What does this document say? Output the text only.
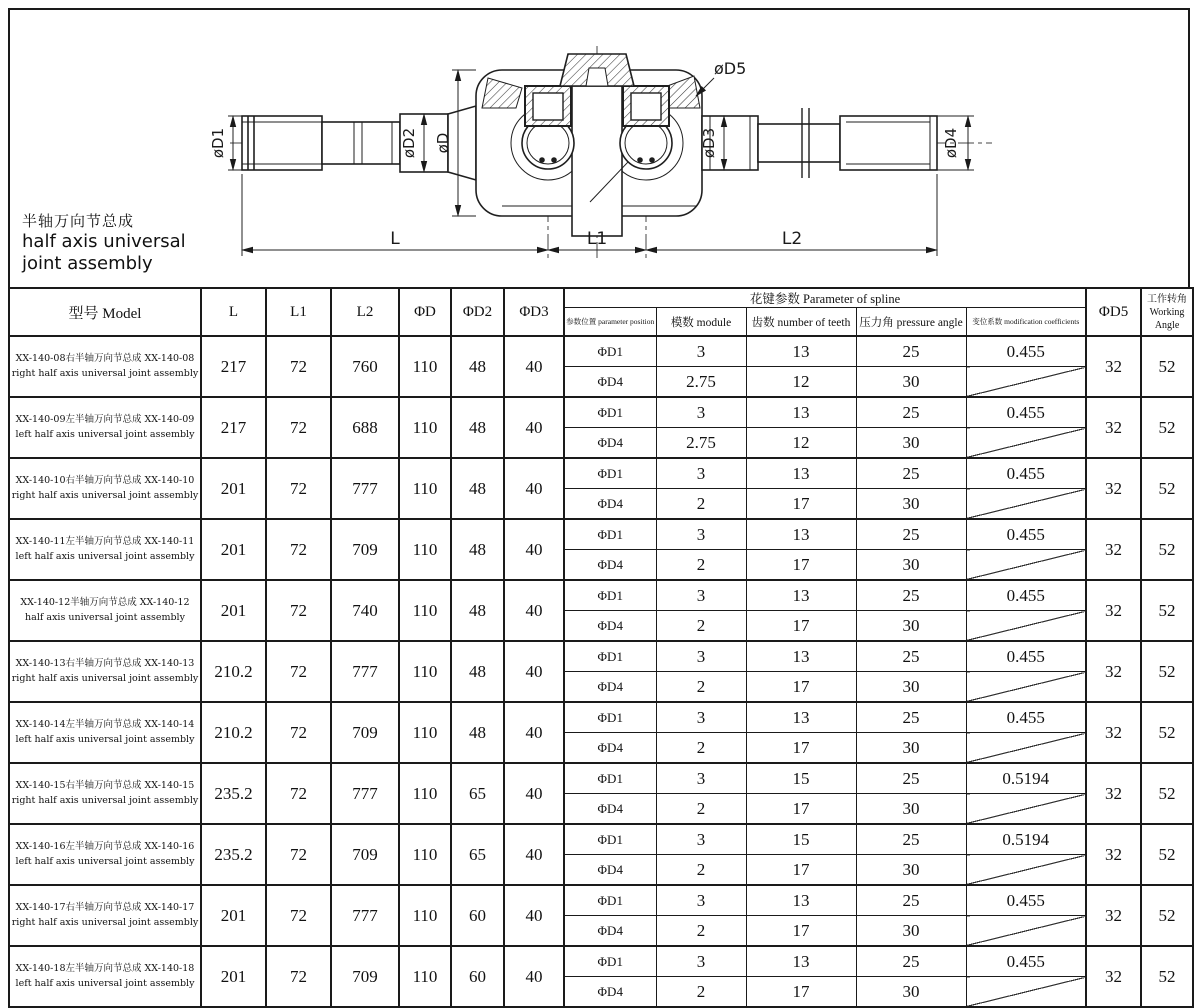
øD1	øD2 øD	øD3	øD4
øD5
L	L1	L2
半轴万向节总成
half axis universal
joint assembly
型号 Model	L	L1	L2	ΦD	ΦD2	ΦD3	花键参数 Parameter of spline					ΦD5	工作转角
Working Angle

							参数位置 parameter position	模数 module	齿数 number of teeth	压力角 pressure angle	变位系数 modification coefficients		
XX-140-08右半轴万向节总成 XX-140-08 right half axis universal joint assembly	217	72	760	110	48	40	ΦD1	3	13	25	0.455	32	52
							ΦD4	2.75	12	30			
XX-140-09左半轴万向节总成 XX-140-09 left half axis universal joint assembly	217	72	688	110	48	40	ΦD1	3	13	25	0.455	32	52
							ΦD4	2.75	12	30			
XX-140-10右半轴万向节总成 XX-140-10 right half axis universal joint assembly	201	72	777	110	48	40	ΦD1	3	13	25	0.455	32	52
							ΦD4	2	17	30			
XX-140-11左半轴万向节总成 XX-140-11 left half axis universal joint assembly	201	72	709	110	48	40	ΦD1	3	13	25	0.455	32	52
							ΦD4	2	17	30			
XX-140-12半轴万向节总成 XX-140-12 half axis universal joint assembly	201	72	740	110	48	40	ΦD1	3	13	25	0.455	32	52
							ΦD4	2	17	30			
XX-140-13右半轴万向节总成 XX-140-13 right half axis universal joint assembly	210.2	72	777	110	48	40	ΦD1	3	13	25	0.455	32	52
							ΦD4	2	17	30			
XX-140-14左半轴万向节总成 XX-140-14 left half axis universal joint assembly	210.2	72	709	110	48	40	ΦD1	3	13	25	0.455	32	52
							ΦD4	2	17	30			
XX-140-15右半轴万向节总成 XX-140-15 right half axis universal joint assembly	235.2	72	777	110	65	40	ΦD1	3	15	25	0.5194	32	52
							ΦD4	2	17	30			
XX-140-16左半轴万向节总成 XX-140-16 left half axis universal joint assembly	235.2	72	709	110	65	40	ΦD1	3	15	25	0.5194	32	52
							ΦD4	2	17	30			
XX-140-17右半轴万向节总成 XX-140-17 right half axis universal joint assembly	201	72	777	110	60	40	ΦD1	3	13	25	0.455	32	52
							ΦD4	2	17	30			
XX-140-18左半轴万向节总成 XX-140-18 left half axis universal joint assembly	201	72	709	110	60	40	ΦD1	3	13	25	0.455	32	52
							ΦD4	2	17	30			
